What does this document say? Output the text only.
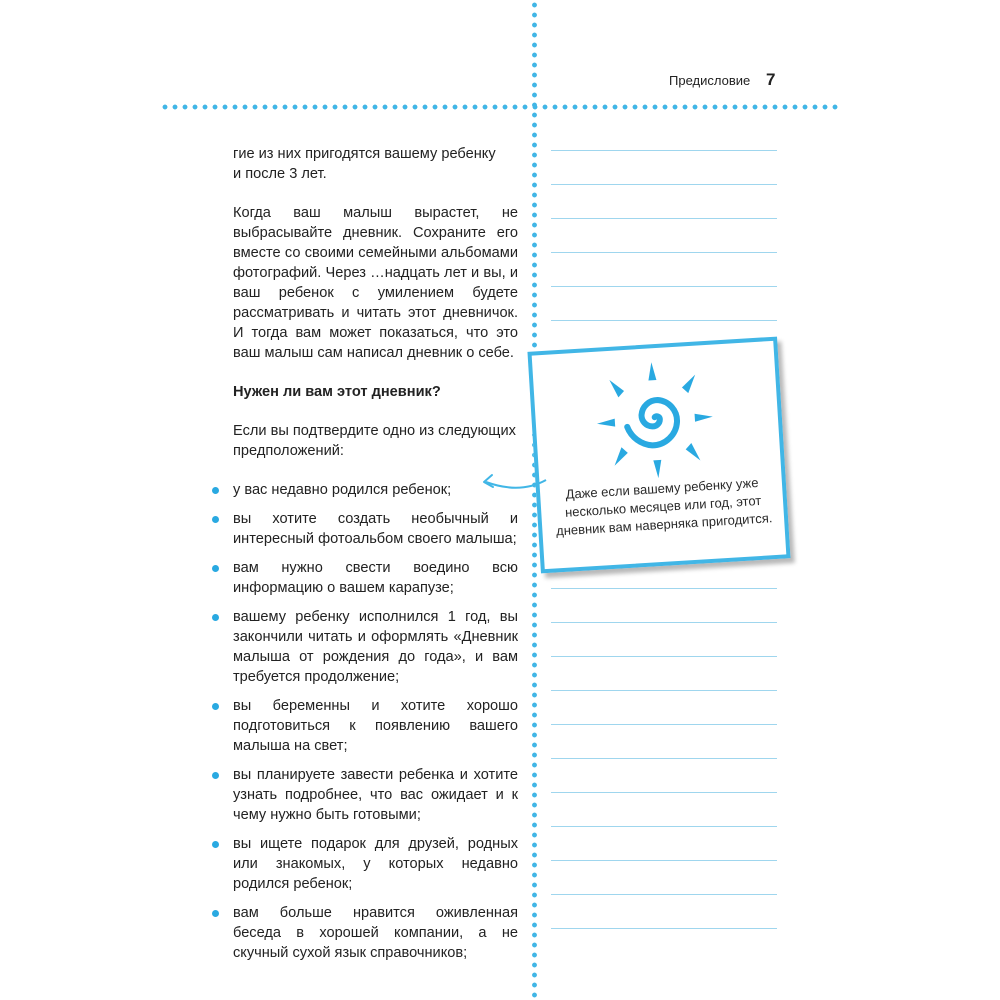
Предисловие 7

гие из них пригодятся вашему ребенку
и после 3 лет.

Когда ваш малыш вырастет, не выбрасывайте дневник. Сохраните его вместе со своими семейными альбомами фотографий. Через …надцать лет и вы, и ваш ребенок с умилением будете рассматривать и читать этот дневничок. И тогда вам может показаться, что это ваш малыш сам написал дневник о себе.

Нужен ли вам этот дневник?

Если вы подтвердите одно из следующих предположений:

у вас недавно родился ребенок;
вы хотите создать необычный и интересный фотоальбом своего малыша;
вам нужно свести воедино всю информацию о вашем карапузе;
вашему ребенку исполнился 1 год, вы закончили читать и оформлять «Дневник малыша от рождения до года», и вам требуется продолжение;
вы беременны и хотите хорошо подготовиться к появлению вашего малыша на свет;
вы планируете завести ребенка и хотите узнать подробнее, что вас ожидает и к чему нужно быть готовыми;
вы ищете подарок для друзей, родных или знакомых, у которых недавно родился ребенок;
вам больше нравится оживленная беседа в хорошей компании, а не скучный сухой язык справочников;
Даже если вашему ребенку уже несколько месяцев или год, этот дневник вам наверняка пригодится.
